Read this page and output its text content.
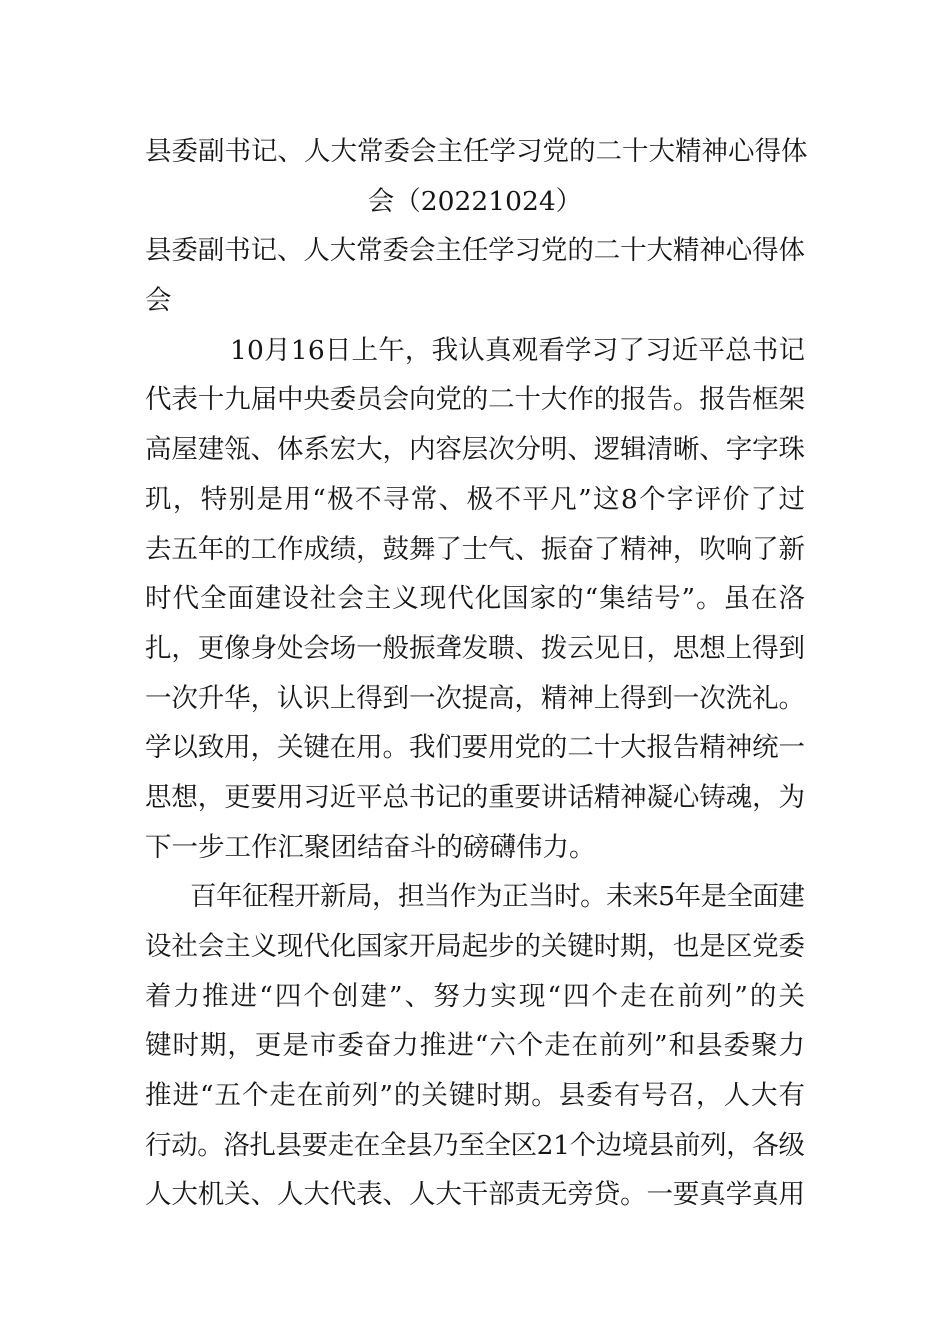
县委副书记、人大常委会主任学习党的二十大精神心得体
会（20221024）
县委副书记、人大常委会主任学习党的二十大精神心得体
会
10月16日上午，我认真观看学习了习近平总书记
代表十九届中央委员会向党的二十大作的报告。报告框架
高屋建瓴、体系宏大，内容层次分明、逻辑清晰、字字珠
玑，特别是用“极不寻常、极不平凡”这8个字评价了过
去五年的工作成绩，鼓舞了士气、振奋了精神，吹响了新
时代全面建设社会主义现代化国家的“集结号”。虽在洛
扎，更像身处会场一般振聋发聩、拨云见日，思想上得到
一次升华，认识上得到一次提高，精神上得到一次洗礼。
学以致用，关键在用。我们要用党的二十大报告精神统一
思想，更要用习近平总书记的重要讲话精神凝心铸魂，为
下一步工作汇聚团结奋斗的磅礴伟力。
百年征程开新局，担当作为正当时。未来5年是全面建
设社会主义现代化国家开局起步的关键时期，也是区党委
着力推进“四个创建”、努力实现“四个走在前列”的关
键时期，更是市委奋力推进“六个走在前列”和县委聚力
推进“五个走在前列”的关键时期。县委有号召，人大有
行动。洛扎县要走在全县乃至全区21个边境县前列，各级
人大机关、人大代表、人大干部责无旁贷。一要真学真用
